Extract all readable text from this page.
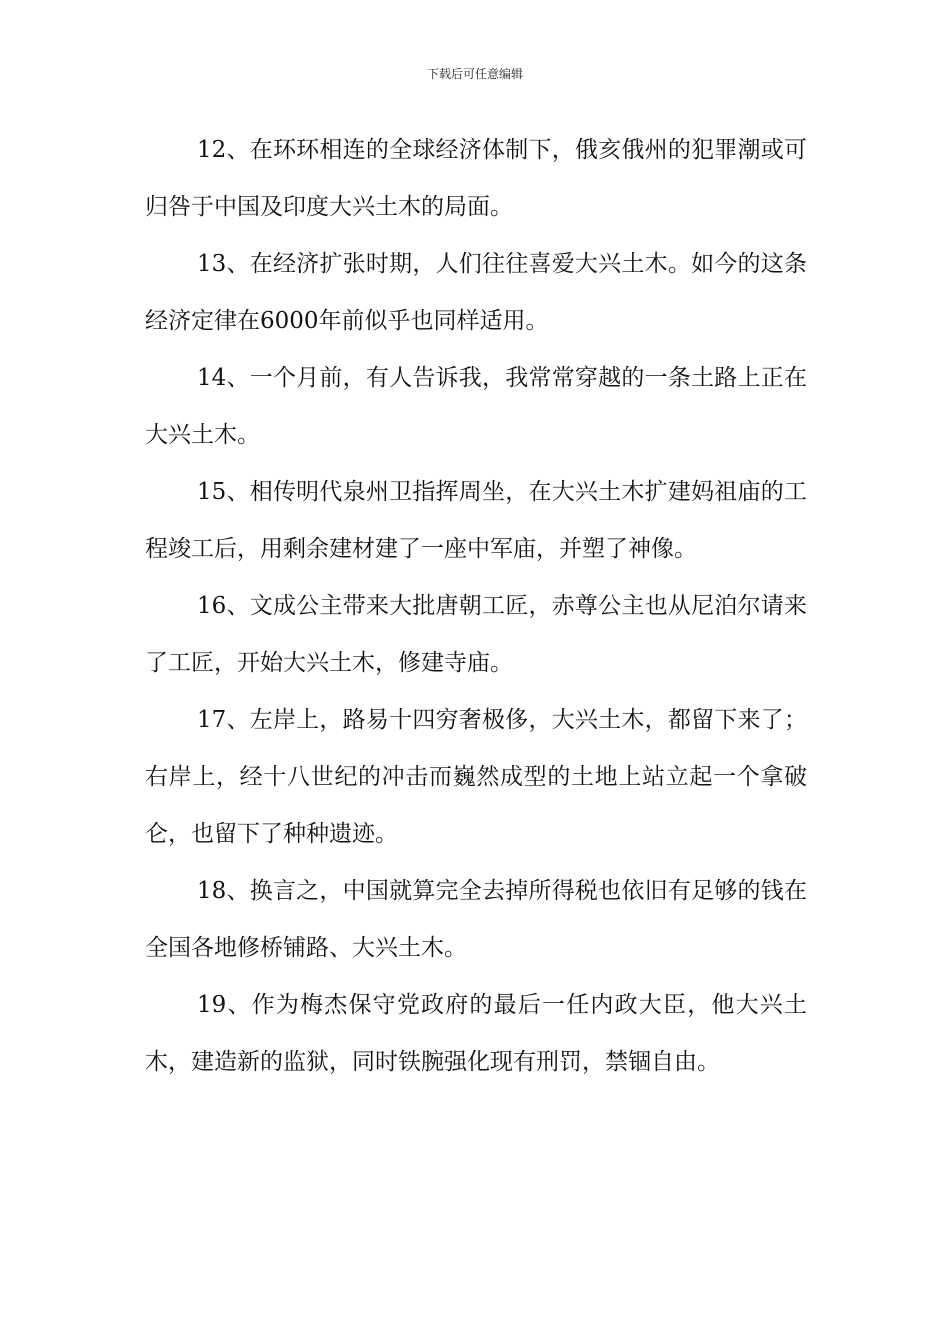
下载后可任意编辑

12、在环环相连的全球经济体制下，俄亥俄州的犯罪潮或可归咎于中国及印度大兴土木的局面。

13、在经济扩张时期，人们往往喜爱大兴土木。如今的这条经济定律在6000年前似乎也同样适用。

14、一个月前，有人告诉我，我常常穿越的一条土路上正在大兴土木。

15、相传明代泉州卫指挥周坐，在大兴土木扩建妈祖庙的工程竣工后，用剩余建材建了一座中军庙，并塑了神像。

16、文成公主带来大批唐朝工匠，赤尊公主也从尼泊尔请来了工匠，开始大兴土木，修建寺庙。

17、左岸上，路易十四穷奢极侈，大兴土木，都留下来了；右岸上，经十八世纪的冲击而巍然成型的土地上站立起一个拿破仑，也留下了种种遗迹。

18、换言之，中国就算完全去掉所得税也依旧有足够的钱在全国各地修桥铺路、大兴土木。

19、作为梅杰保守党政府的最后一任内政大臣，他大兴土木，建造新的监狱，同时铁腕强化现有刑罚，禁锢自由。
